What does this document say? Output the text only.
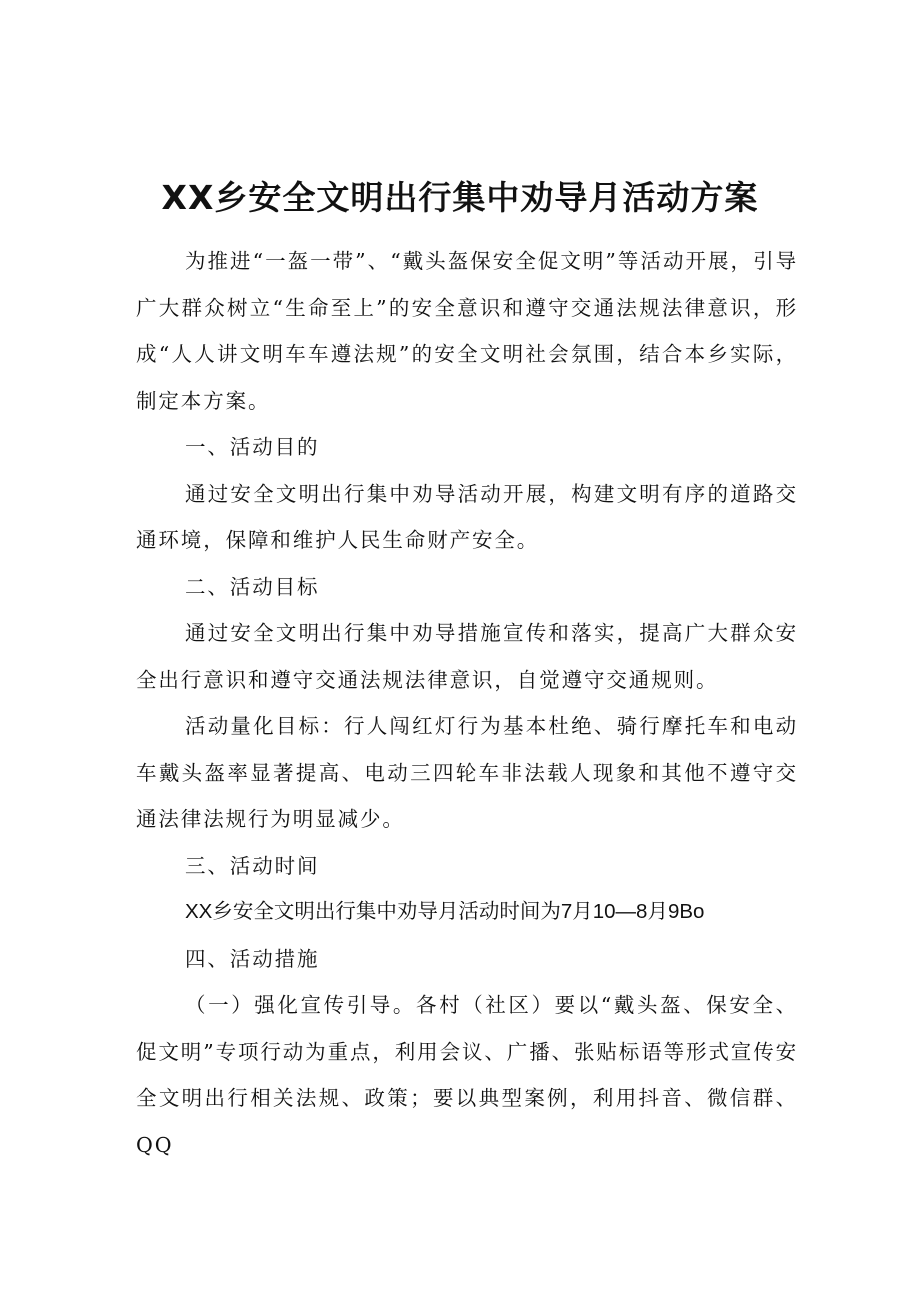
XX乡安全文明出行集中劝导月活动方案

为推进“一盔一带”、“戴头盔保安全促文明”等活动开展，引导广大群众树立“生命至上”的安全意识和遵守交通法规法律意识，形成“人人讲文明车车遵法规”的安全文明社会氛围，结合本乡实际，制定本方案。

一、活动目的

通过安全文明出行集中劝导活动开展，构建文明有序的道路交通环境，保障和维护人民生命财产安全。

二、活动目标

通过安全文明出行集中劝导措施宣传和落实，提高广大群众安全出行意识和遵守交通法规法律意识，自觉遵守交通规则。

活动量化目标：行人闯红灯行为基本杜绝、骑行摩托车和电动车戴头盔率显著提高、电动三四轮车非法载人现象和其他不遵守交通法律法规行为明显减少。

三、活动时间

XX乡安全文明出行集中劝导月活动时间为7月10—8月9Bo

四、活动措施

（一）强化宣传引导。各村（社区）要以“戴头盔、保安全、促文明”专项行动为重点，利用会议、广播、张贴标语等形式宣传安全文明出行相关法规、政策；要以典型案例，利用抖音、微信群、QQ
